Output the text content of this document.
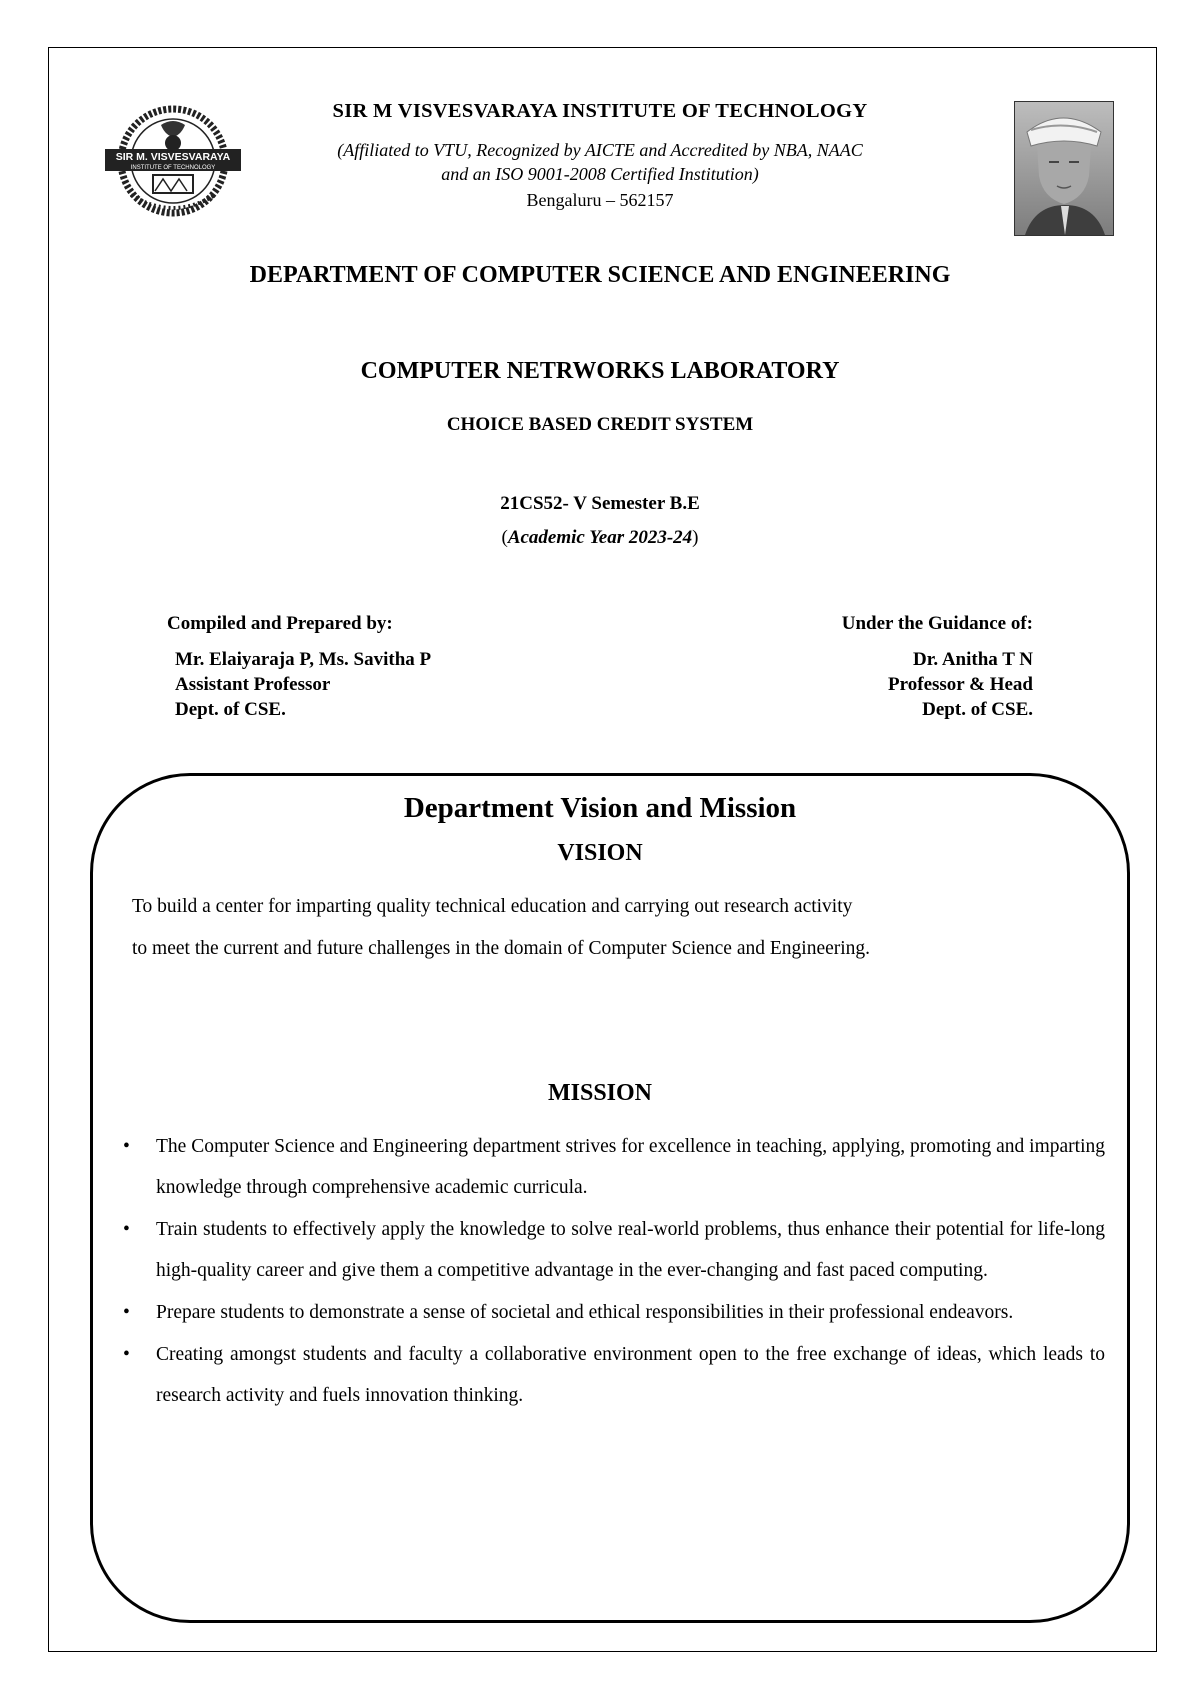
SIR M. VISVESVARAYA
INSTITUTE OF TECHNOLOGY
SIR M VISVESVARAYA INSTITUTE OF TECHNOLOGY
(Affiliated to VTU, Recognized by AICTE and Accredited by NBA, NAAC
and an ISO 9001-2008 Certified Institution)
Bengaluru – 562157
DEPARTMENT OF COMPUTER SCIENCE AND ENGINEERING
COMPUTER NETRWORKS LABORATORY
CHOICE BASED CREDIT SYSTEM
21CS52- V Semester B.E
(Academic Year 2023-24)
Compiled and Prepared by:
Mr. Elaiyaraja P, Ms. Savitha P
Assistant Professor
Dept. of CSE.
Under the Guidance of:
Dr. Anitha T N
Professor & Head
Dept. of CSE.
Department Vision and Mission
VISION
To build a center for imparting quality technical education and carrying out research activity
to meet the current and future challenges in the domain of Computer Science and Engineering.
MISSION
• The Computer Science and Engineering department strives for excellence in teaching, applying, promoting and imparting knowledge through comprehensive academic curricula.
• Train students to effectively apply the knowledge to solve real-world problems, thus enhance their potential for life-long high-quality career and give them a competitive advantage in the ever-changing and fast paced computing.
• Prepare students to demonstrate a sense of societal and ethical responsibilities in their professional endeavors.
• Creating amongst students and faculty a collaborative environment open to the free exchange of ideas, which leads to research activity and fuels innovation thinking.
